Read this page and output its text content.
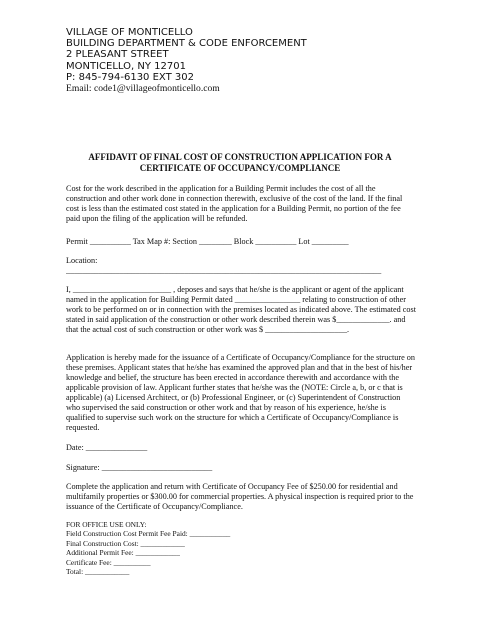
VILLAGE OF MONTICELLO
BUILDING DEPARTMENT & CODE ENFORCEMENT
2 PLEASANT STREET
MONTICELLO, NY 12701
P: 845-794-6130 EXT 302
Email: code1@villageofmonticello.com
AFFIDAVIT OF FINAL COST OF CONSTRUCTION APPLICATION FOR A
CERTIFICATE OF OCCUPANCY/COMPLIANCE

Cost for the work described in the application for a Building Permit includes the cost of all the construction and other work done in connection therewith, exclusive of the cost of the land. If the final cost is less than the estimated cost stated in the application for a Building Permit, no portion of the fee paid upon the filing of the application will be refunded.

Permit __________ Tax Map #: Section ________ Block __________ Lot _________
Location:
_____________________________________________________________________________

I, ________________________ , deposes and says that he/she is the applicant or agent of the applicant named in the application for Building Permit dated ________________ relating to construction of other work to be performed on or in connection with the premises located as indicated above. The estimated cost stated in said application of the construction or other work described therein was $_____________. and that the actual cost of such construction or other work was $ ____________________.

Application is hereby made for the issuance of a Certificate of Occupancy/Compliance for the structure on these premises. Applicant states that he/she has examined the approved plan and that in the best of his/her knowledge and belief, the structure has been erected in accordance therewith and accordance with the applicable provision of law. Applicant further states that he/she was the (NOTE: Circle a, b, or c that is applicable) (a) Licensed Architect, or (b) Professional Engineer, or (c) Superintendent of Construction who supervised the said construction or other work and that by reason of his experience, he/she is qualified to supervise such work on the structure for which a Certificate of Occupancy/Compliance is requested.

Date: _______________
Signature: ___________________________

Complete the application and return with Certificate of Occupancy Fee of $250.00 for residential and multifamily properties or $300.00 for commercial properties. A physical inspection is required prior to the issuance of the Certificate of Occupancy/Compliance.

FOR OFFICE USE ONLY:
Field Construction Cost Permit Fee Paid: ___________
Final Construction Cost: ____________
Additional Permit Fee: ____________
Certificate Fee: __________
Total: ____________
